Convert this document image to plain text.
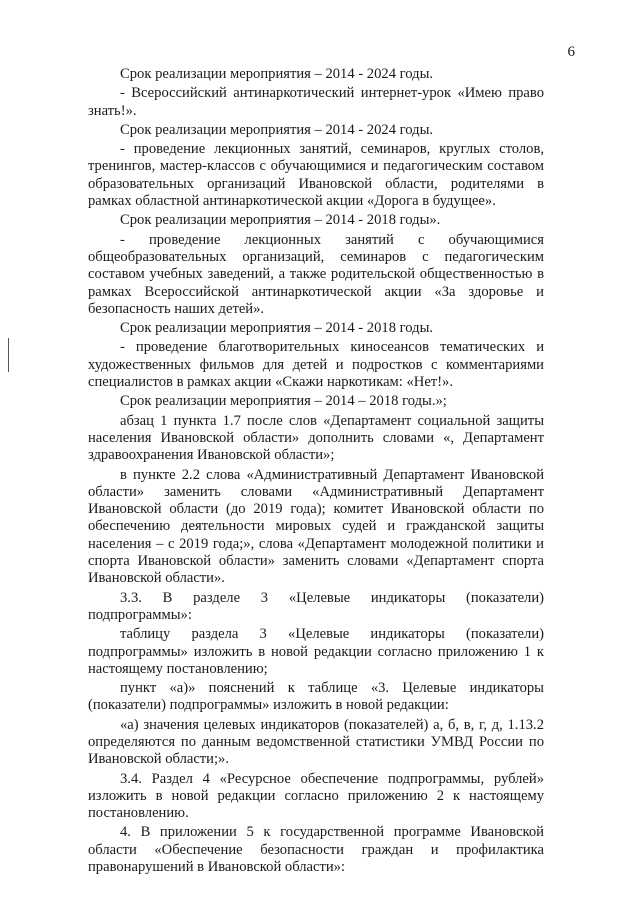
6

Срок реализации мероприятия – 2014 - 2024 годы.

- Всероссийский антинаркотический интернет-урок «Имею право знать!».

Срок реализации мероприятия – 2014 - 2024 годы.

- проведение лекционных занятий, семинаров, круглых столов, тренингов, мастер-классов с обучающимися и педагогическим составом образовательных организаций Ивановской области, родителями в рамках областной антинаркотической акции «Дорога в будущее».

Срок реализации мероприятия – 2014 - 2018 годы».

- проведение лекционных занятий с обучающимися общеобразовательных организаций, семинаров с педагогическим составом учебных заведений, а также родительской общественностью в рамках Всероссийской антинаркотической акции «За здоровье и безопасность наших детей».

Срок реализации мероприятия – 2014 - 2018 годы.

- проведение благотворительных киносеансов тематических и художественных фильмов для детей и подростков с комментариями специалистов в рамках акции «Скажи наркотикам: «Нет!».

Срок реализации мероприятия – 2014 – 2018 годы.»;

абзац 1 пункта 1.7 после слов «Департамент социальной защиты населения Ивановской области» дополнить словами «, Департамент здравоохранения Ивановской области»;

в пункте 2.2 слова «Административный Департамент Ивановской области» заменить словами «Административный Департамент Ивановской области (до 2019 года); комитет Ивановской области по обеспечению деятельности мировых судей и гражданской защиты населения – с 2019 года;», слова «Департамент молодежной политики и спорта Ивановской области» заменить словами «Департамент спорта Ивановской области».

3.3. В разделе 3 «Целевые индикаторы (показатели) подпрограммы»:

таблицу раздела 3 «Целевые индикаторы (показатели) подпрограммы» изложить в новой редакции согласно приложению 1 к настоящему постановлению;

пункт «а)» пояснений к таблице «3. Целевые индикаторы (показатели) подпрограммы» изложить в новой редакции:

«а) значения целевых индикаторов (показателей) а, б, в, г, д, 1.13.2 определяются по данным ведомственной статистики УМВД России по Ивановской области;».

3.4. Раздел 4 «Ресурсное обеспечение подпрограммы, рублей» изложить в новой редакции согласно приложению 2 к настоящему постановлению.

4. В приложении 5 к государственной программе Ивановской области «Обеспечение безопасности граждан и профилактика правонарушений в Ивановской области»:
